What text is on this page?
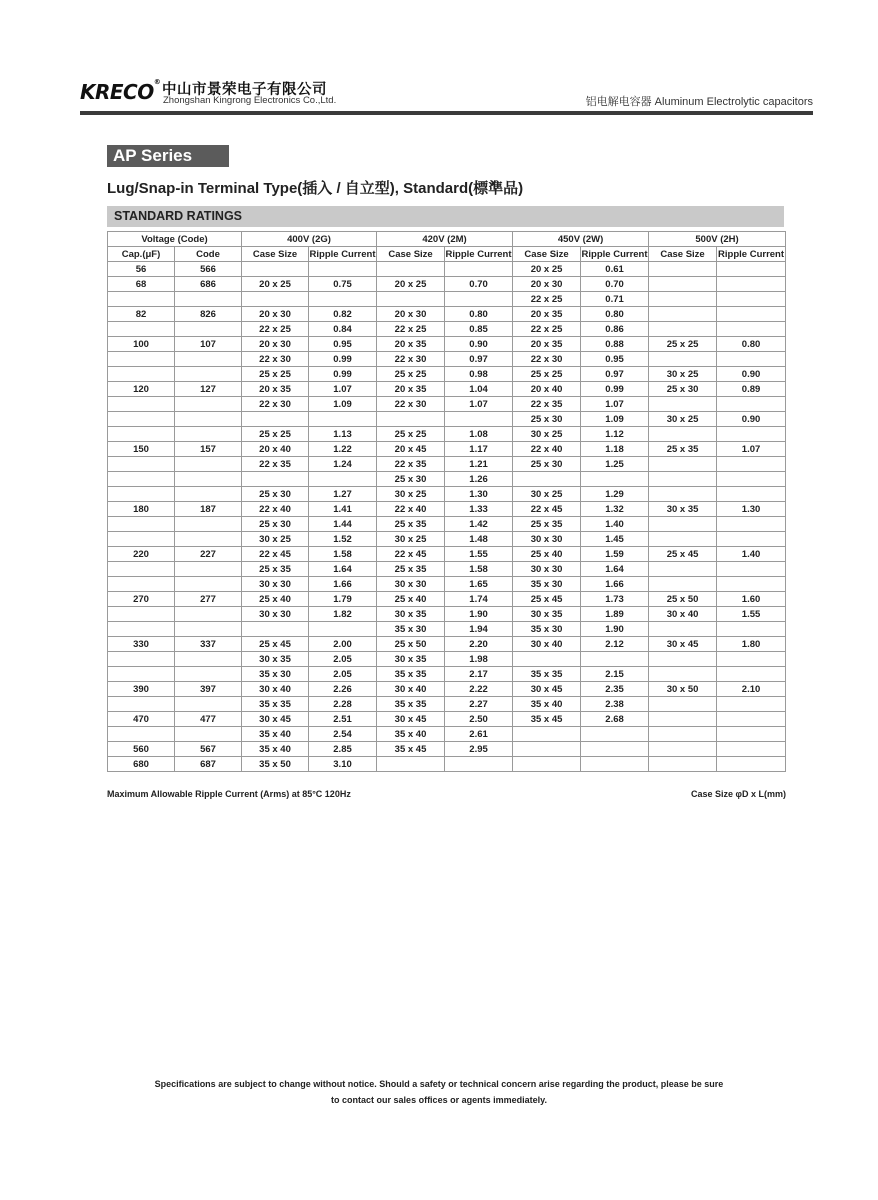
KRECO® 中山市景荣电子有限公司
Zhongshan Kingrong Electronics Co.,Ltd.	铝电解电容器 Aluminum Electrolytic capacitors
AP Series
Lug/Snap-in Terminal Type(插入 / 自立型), Standard(標準品)
STANDARD RATINGS
Voltage (Code)		400V (2G)		420V (2M)		450V (2W)		500V (2H)	
Cap.(μF)	Code	Case Size	Ripple Current	Case Size	Ripple Current	Case Size	Ripple Current	Case Size	Ripple Current
56	566					20 x 25	0.61		
68	686	20 x 25	0.75	20 x 25	0.70	20 x 30	0.70		
						22 x 25	0.71		
82	826	20 x 30	0.82	20 x 30	0.80	20 x 35	0.80		
		22 x 25	0.84	22 x 25	0.85	22 x 25	0.86		
100	107	20 x 30	0.95	20 x 35	0.90	20 x 35	0.88	25 x 25	0.80
		22 x 30	0.99	22 x 30	0.97	22 x 30	0.95		
		25 x 25	0.99	25 x 25	0.98	25 x 25	0.97	30 x 25	0.90
120	127	20 x 35	1.07	20 x 35	1.04	20 x 40	0.99	25 x 30	0.89
		22 x 30	1.09	22 x 30	1.07	22 x 35	1.07		
						25 x 30	1.09	30 x 25	0.90
		25 x 25	1.13	25 x 25	1.08	30 x 25	1.12		
150	157	20 x 40	1.22	20 x 45	1.17	22 x 40	1.18	25 x 35	1.07
		22 x 35	1.24	22 x 35	1.21	25 x 30	1.25		
				25 x 30	1.26				
		25 x 30	1.27	30 x 25	1.30	30 x 25	1.29		
180	187	22 x 40	1.41	22 x 40	1.33	22 x 45	1.32	30 x 35	1.30
		25 x 30	1.44	25 x 35	1.42	25 x 35	1.40		
		30 x 25	1.52	30 x 25	1.48	30 x 30	1.45		
220	227	22 x 45	1.58	22 x 45	1.55	25 x 40	1.59	25 x 45	1.40
		25 x 35	1.64	25 x 35	1.58	30 x 30	1.64		
		30 x 30	1.66	30 x 30	1.65	35 x 30	1.66		
270	277	25 x 40	1.79	25 x 40	1.74	25 x 45	1.73	25 x 50	1.60
		30 x 30	1.82	30 x 35	1.90	30 x 35	1.89	30 x 40	1.55
				35 x 30	1.94	35 x 30	1.90		
330	337	25 x 45	2.00	25 x 50	2.20	30 x 40	2.12	30 x 45	1.80
		30 x 35	2.05	30 x 35	1.98				
		35 x 30	2.05	35 x 35	2.17	35 x 35	2.15		
390	397	30 x 40	2.26	30 x 40	2.22	30 x 45	2.35	30 x 50	2.10
		35 x 35	2.28	35 x 35	2.27	35 x 40	2.38		
470	477	30 x 45	2.51	30 x 45	2.50	35 x 45	2.68		
		35 x 40	2.54	35 x 40	2.61				
560	567	35 x 40	2.85	35 x 45	2.95				
680	687	35 x 50	3.10						
Maximum Allowable Ripple Current (Arms) at 85°C 120Hz	Case Size φD x L(mm)
Specifications are subject to change without notice. Should a safety or technical concern arise regarding the product, please be sure
to contact our sales offices or agents immediately.
